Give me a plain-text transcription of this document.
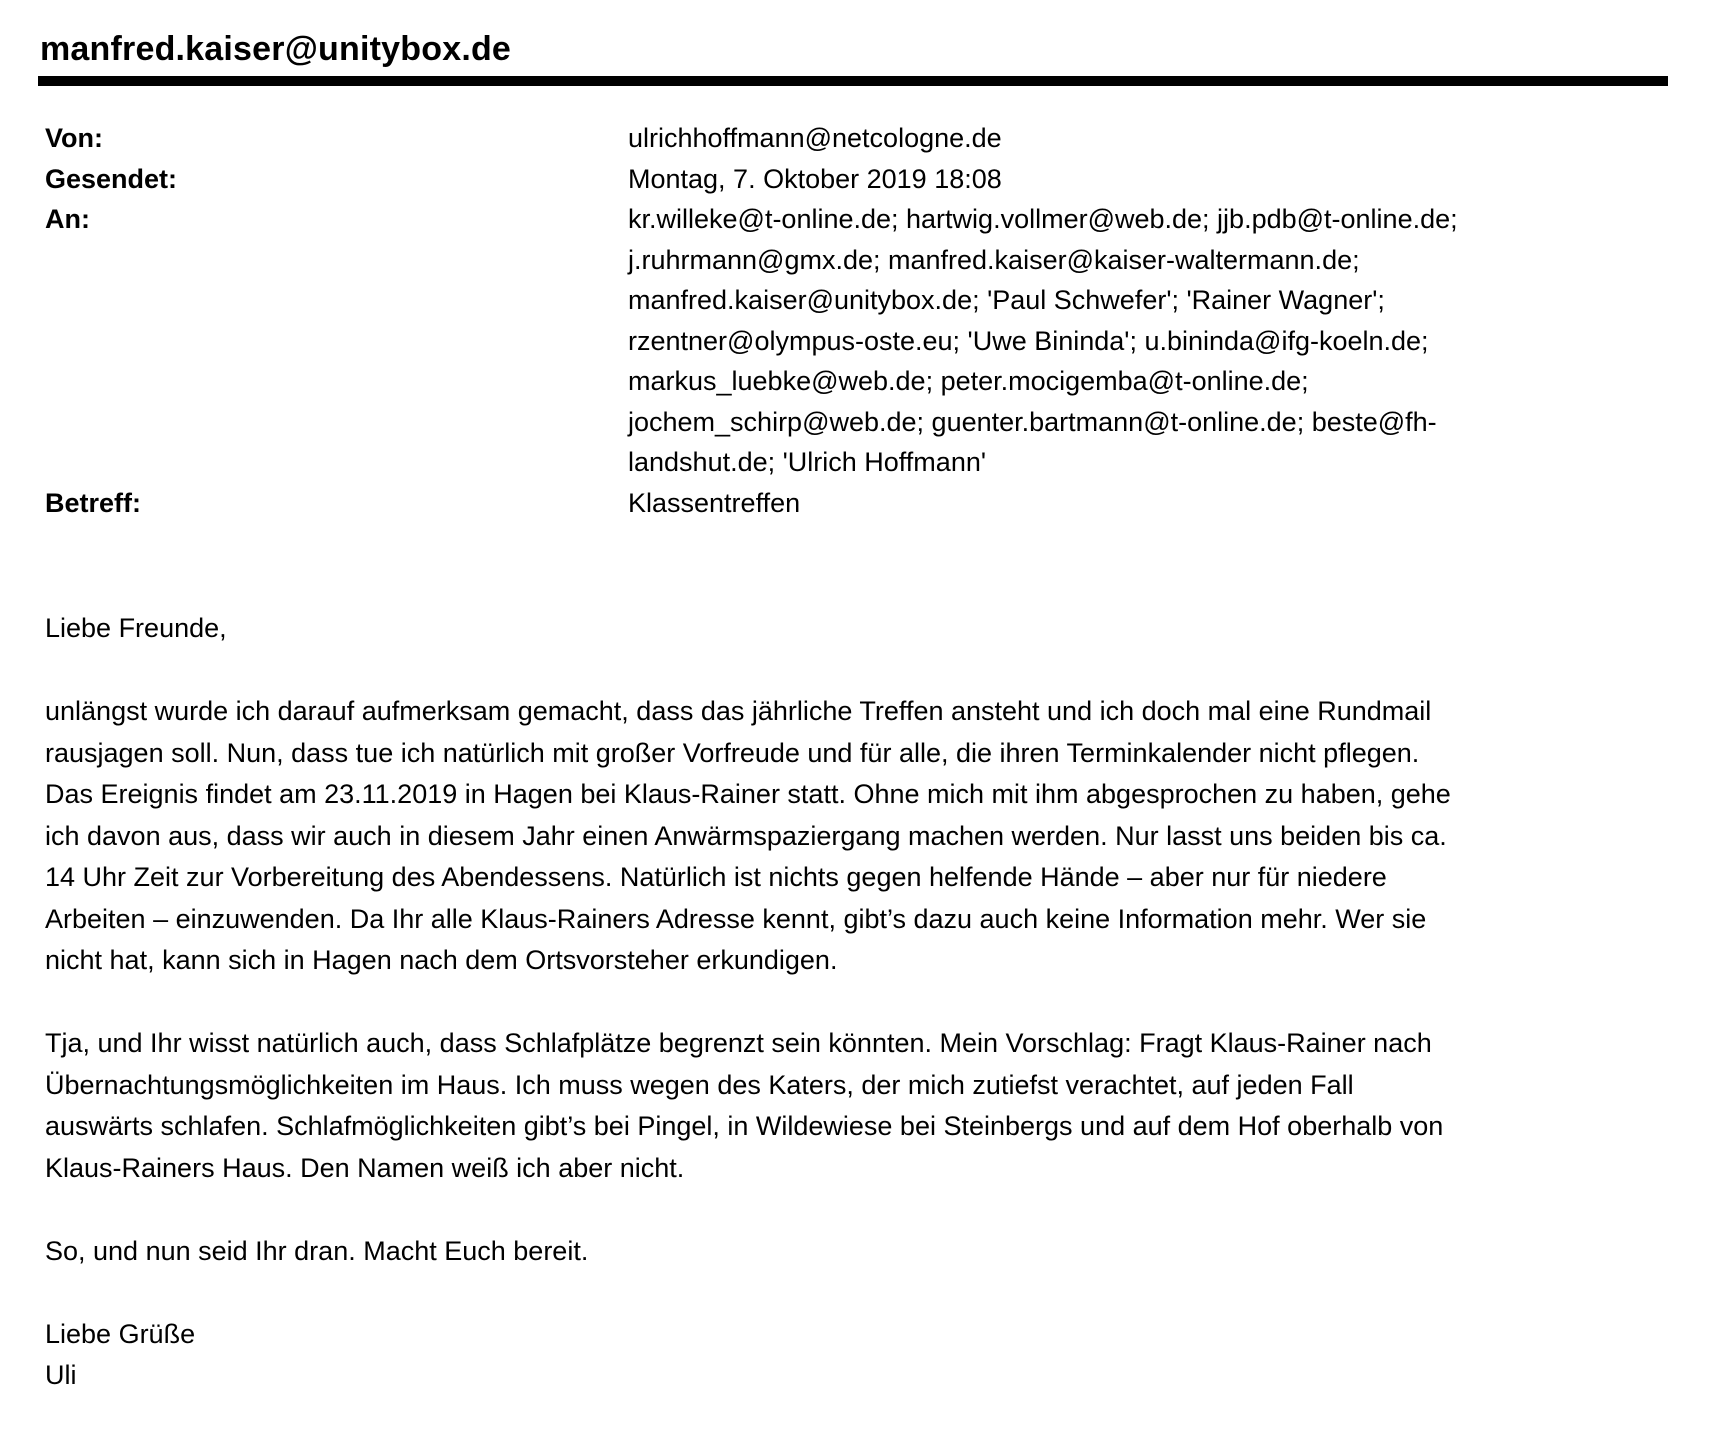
manfred.kaiser@unitybox.de
Von:	ulrichhoffmann@netcologne.de
Gesendet:	Montag, 7. Oktober 2019 18:08
An:	kr.willeke@t-online.de; hartwig.vollmer@web.de; jjb.pdb@t-online.de;
j.ruhrmann@gmx.de; manfred.kaiser@kaiser-waltermann.de;
manfred.kaiser@unitybox.de; 'Paul Schwefer'; 'Rainer Wagner';
rzentner@olympus-oste.eu; 'Uwe Bininda'; u.bininda@ifg-koeln.de;
markus_luebke@web.de; peter.mocigemba@t-online.de;
jochem_schirp@web.de; guenter.bartmann@t-online.de; beste@fh-
landshut.de; 'Ulrich Hoffmann'
Betreff:	Klassentreffen
Liebe Freunde,
unlängst wurde ich darauf aufmerksam gemacht, dass das jährliche Treffen ansteht und ich doch mal eine Rundmail
rausjagen soll. Nun, dass tue ich natürlich mit großer Vorfreude und für alle, die ihren Terminkalender nicht pflegen.
Das Ereignis findet am 23.11.2019 in Hagen bei Klaus-Rainer statt. Ohne mich mit ihm abgesprochen zu haben, gehe
ich davon aus, dass wir auch in diesem Jahr einen Anwärmspaziergang machen werden. Nur lasst uns beiden bis ca.
14 Uhr Zeit zur Vorbereitung des Abendessens. Natürlich ist nichts gegen helfende Hände – aber nur für niedere
Arbeiten – einzuwenden. Da Ihr alle Klaus-Rainers Adresse kennt, gibt’s dazu auch keine Information mehr. Wer sie
nicht hat, kann sich in Hagen nach dem Ortsvorsteher erkundigen.
Tja, und Ihr wisst natürlich auch, dass Schlafplätze begrenzt sein könnten. Mein Vorschlag: Fragt Klaus-Rainer nach
Übernachtungsmöglichkeiten im Haus. Ich muss wegen des Katers, der mich zutiefst verachtet, auf jeden Fall
auswärts schlafen. Schlafmöglichkeiten gibt’s bei Pingel, in Wildewiese bei Steinbergs und auf dem Hof oberhalb von
Klaus-Rainers Haus. Den Namen weiß ich aber nicht.
So, und nun seid Ihr dran. Macht Euch bereit.
Liebe Grüße
Uli
